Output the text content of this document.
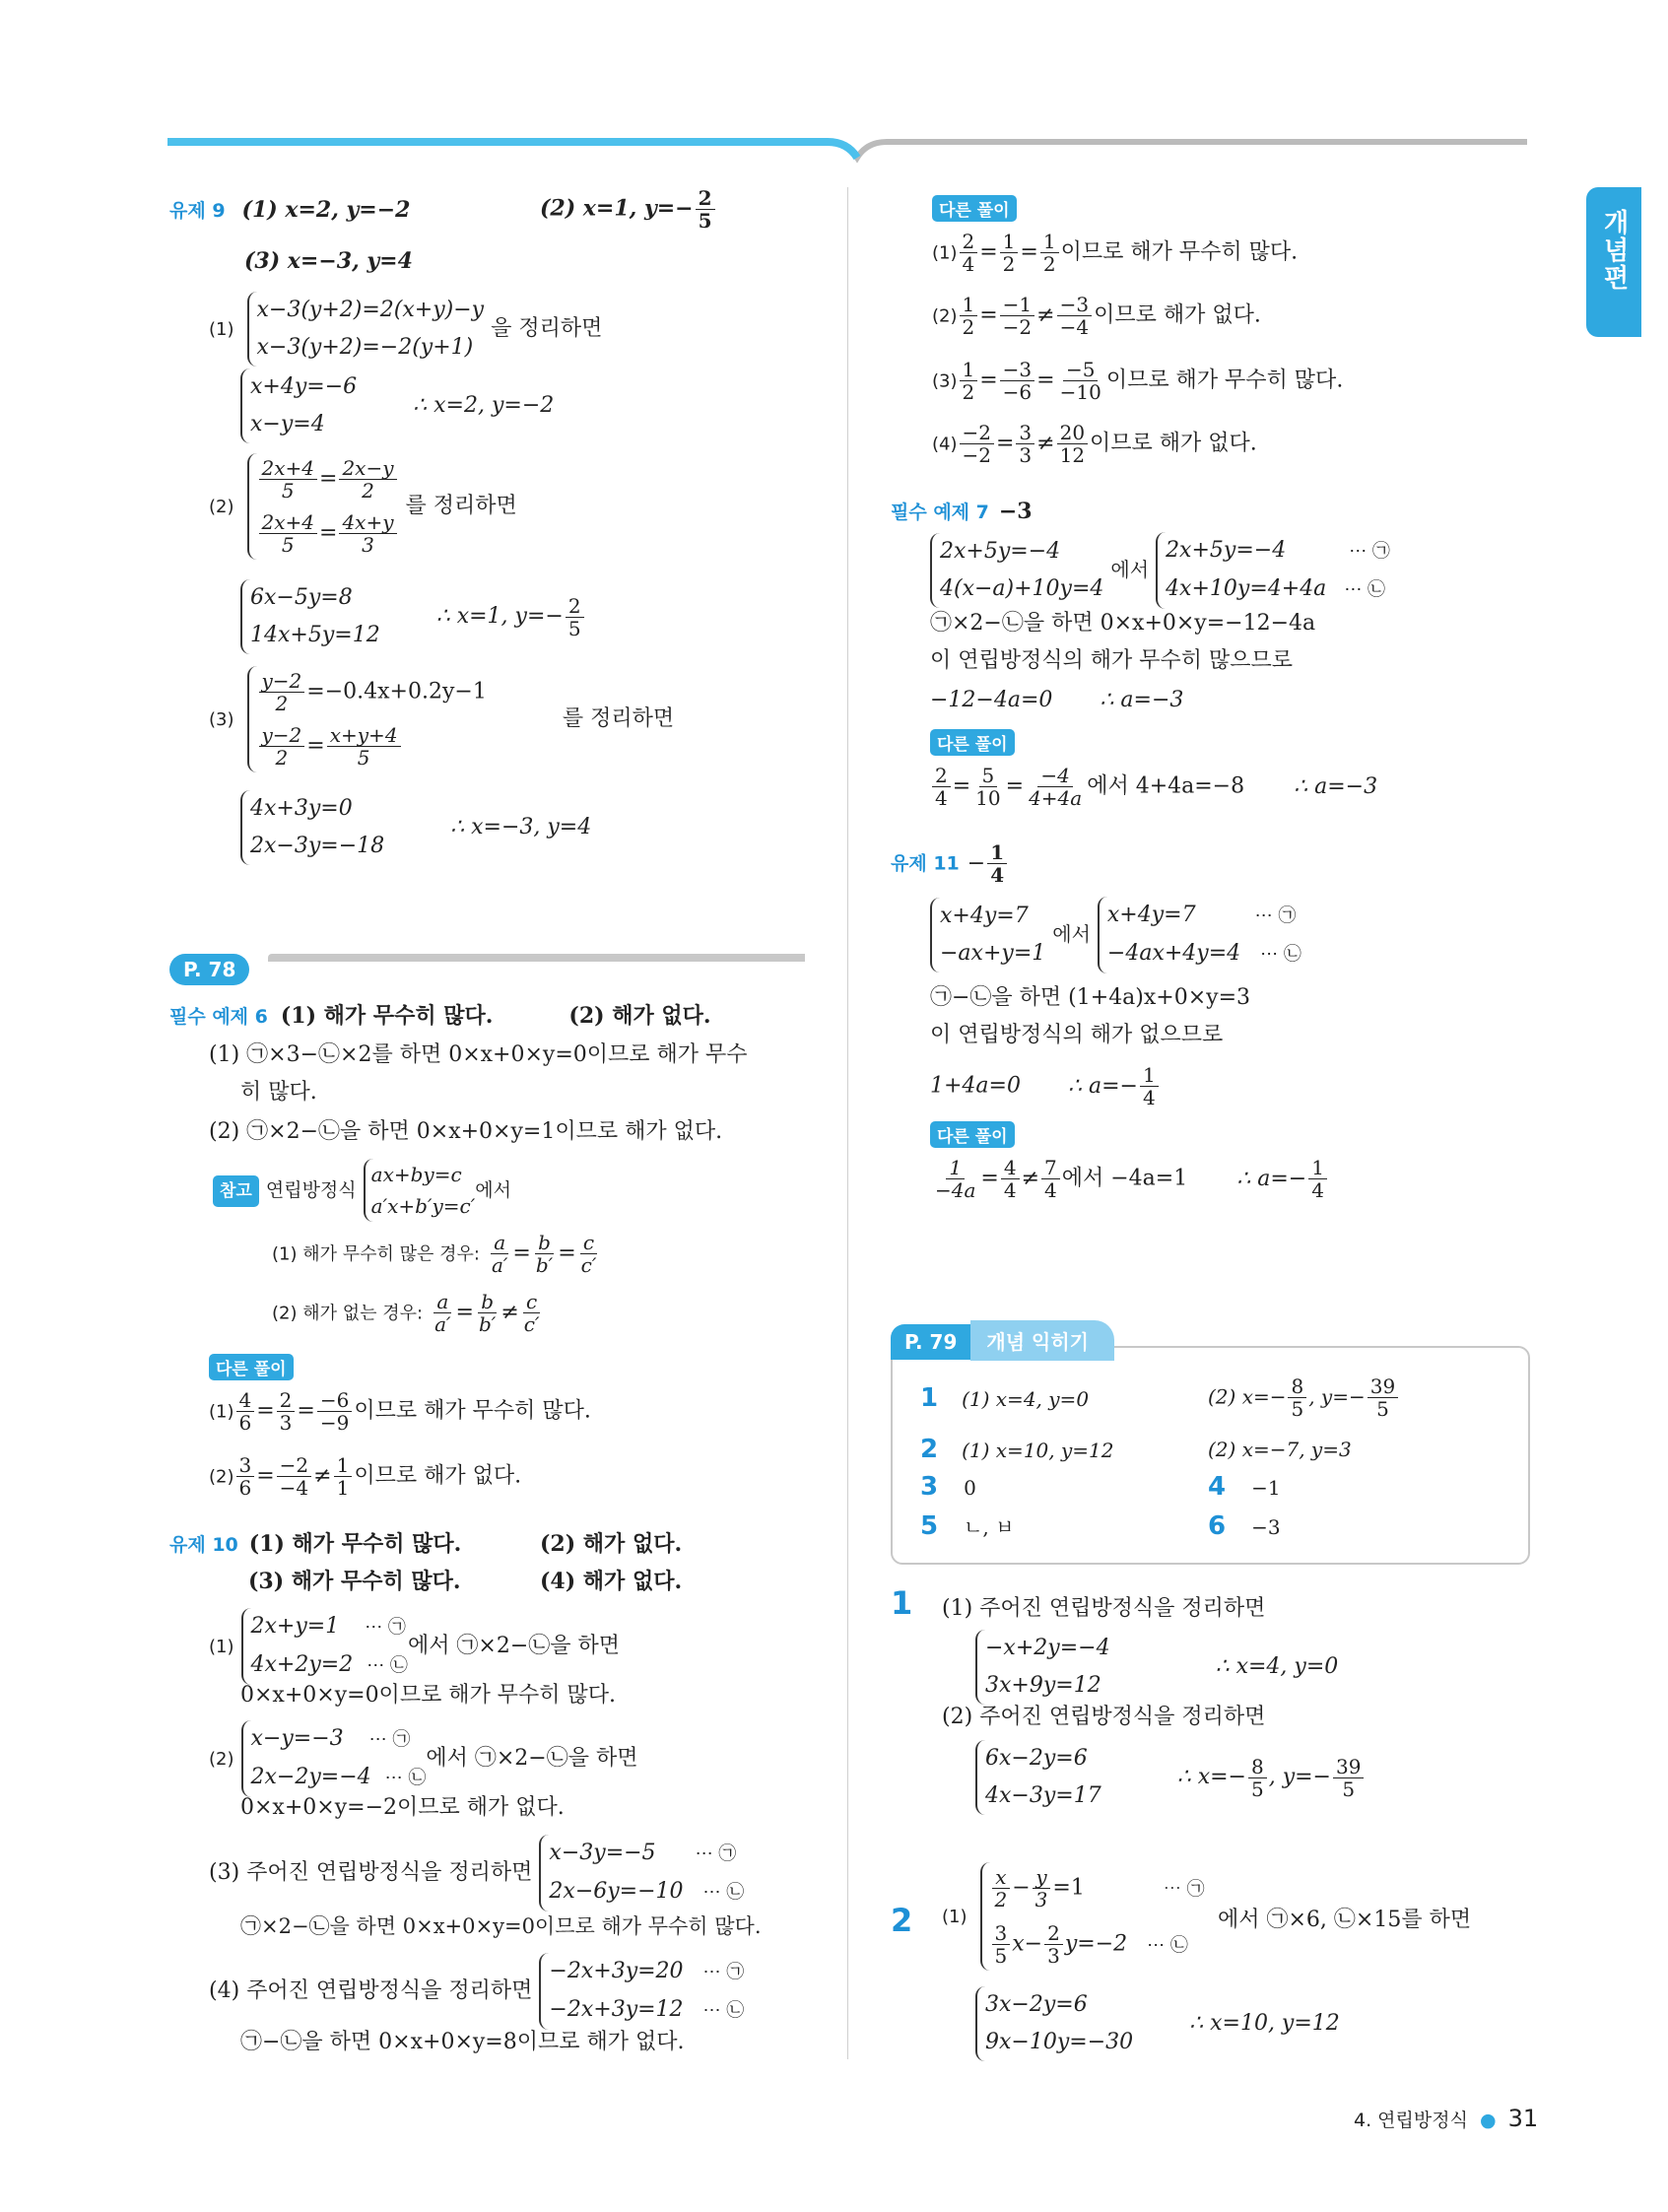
개념편
유제 9 (1) x=2, y=−2	(2) x=1, $y=- \frac{2}{5}$
(3) x=−3, y=4
(1)
x−3(y+2)=2(x+y)−y
x−3(y+2)=−2(y+1)
을 정리하면
x+4y=−6
x−y=4
∴ x=2, y=−2
(2)
$\frac{2x+4}{5} = \frac{2x-y}{2}$
$\frac{2x+4}{5} = \frac{4x+y}{3}$
를 정리하면
6x−5y=8
14x+5y=12
∴ x=1, $y=- \frac{2}{5}$
(3)
$\frac{y-2}{2} =-0.4x+0.2y-1$
$\frac{y-2}{2} = \frac{x+y+4}{5}$
를 정리하면
4x+3y=0
2x−3y=−18
∴ x=−3, y=4
P. 78
필수 예제 6 (1) 해가 무수히 많다.	(2) 해가 없다.
(1) ㉠×3−㉡×2를 하면 0×x+0×y=0이므로 해가 무수
히 많다.
(2) ㉠×2−㉡을 하면 0×x+0×y=1이므로 해가 없다.
참고 연립방정식
ax+by=c
a′x+b′y=c′
에서
(1) 해가 무수히 많은 경우: $\frac{a}{a'} = \frac{b}{b'} = \frac{c}{c'}$
(2) 해가 없는 경우: $\frac{a}{a'} = \frac{b}{b'} \ne \frac{c}{c'}$
다른 풀이
$(1) \frac{4}{6} = \frac{2}{3} = \frac{-6}{-9}$ 이므로 해가 무수히 많다.
$(2) \frac{3}{6} = \frac{-2}{-4} \ne \frac{1}{1}$ 이므로 해가 없다.
유제 10 (1) 해가 무수히 많다.	(2) 해가 없다.
(3) 해가 무수히 많다.	(4) 해가 없다.
(1)
2x+y=1 ⋯ ㉠
4x+2y=2 ⋯ ㉡
에서 ㉠×2−㉡을 하면
0×x+0×y=0이므로 해가 무수히 많다.
(2)
x−y=−3 ⋯ ㉠
2x−2y=−4 ⋯ ㉡
에서 ㉠×2−㉡을 하면
0×x+0×y=−2이므로 해가 없다.
(3) 주어진 연립방정식을 정리하면
x−3y=−5 ⋯ ㉠
2x−6y=−10 ⋯ ㉡
㉠×2−㉡을 하면 0×x+0×y=0이므로 해가 무수히 많다.
(4) 주어진 연립방정식을 정리하면
−2x+3y=20 ⋯ ㉠
−2x+3y=12 ⋯ ㉡
㉠−㉡을 하면 0×x+0×y=8이므로 해가 없다.
다른 풀이
$(1) \frac{2}{4} = \frac{1}{2} = \frac{1}{2}$ 이므로 해가 무수히 많다.
$(2) \frac{1}{2} = \frac{-1}{-2} \ne \frac{-3}{-4}$ 이므로 해가 없다.
$(3) \frac{1}{2} = \frac{-3}{-6} = \frac{-5}{-10}$ 이므로 해가 무수히 많다.
$(4) \frac{-2}{-2} = \frac{3}{3} \ne \frac{20}{12}$ 이므로 해가 없다.
필수 예제 7 −3
2x+5y=−4
4(x−a)+10y=4
에서
2x+5y=−4	⋯ ㉠
4x+10y=4+4a ⋯ ㉡
㉠×2−㉡을 하면 0×x+0×y=−12−4a
이 연립방정식의 해가 무수히 많으므로
−12−4a=0 ∴ a=−3
다른 풀이
$\frac{2}{4} = \frac{5}{10} = \frac{-4}{4+4a}$ 에서 4+4a=−8 ∴ a=−3
유제 $11 - \frac{1}{4}$
x+4y=7
−ax+y=1
에서
x+4y=7	⋯ ㉠
−4ax+4y=4 ⋯ ㉡
㉠−㉡을 하면 (1+4a)x+0×y=3
이 연립방정식의 해가 없으므로
1+4a=0 ∴ $a=- \frac{1}{4}$
다른 풀이
$\frac{1}{-4a} = \frac{4}{4} \ne \frac{7}{4}$ 에서 −4a=1 ∴ $a=- \frac{1}{4}$
P. 79 개념 익히기
1 (1) x=4, y=0	(2) $x=- \frac{8}{5}$ , $y=- \frac{39}{5}$
2 (1) x=10, y=12	(2) x=−7, y=3
3 0	4 −1
5 ㄴ, ㅂ	6 −3
1 (1) 주어진 연립방정식을 정리하면
−x+2y=−4
3x+9y=12
∴ x=4, y=0
(2) 주어진 연립방정식을 정리하면
6x−2y=6
4x−3y=17
∴ $x=- \frac{8}{5}$ , $y=- \frac{39}{5}$
2 (1)
$\frac{x}{2} - \frac{y}{3} =1$	⋯ ㉠
$\frac{3}{5} x- \frac{2}{3} y=-2$ ⋯ ㉡
에서 ㉠×6, ㉡×15를 하면
3x−2y=6
9x−10y=−30
∴ x=10, y=12
4. 연립방정식 ● 31
